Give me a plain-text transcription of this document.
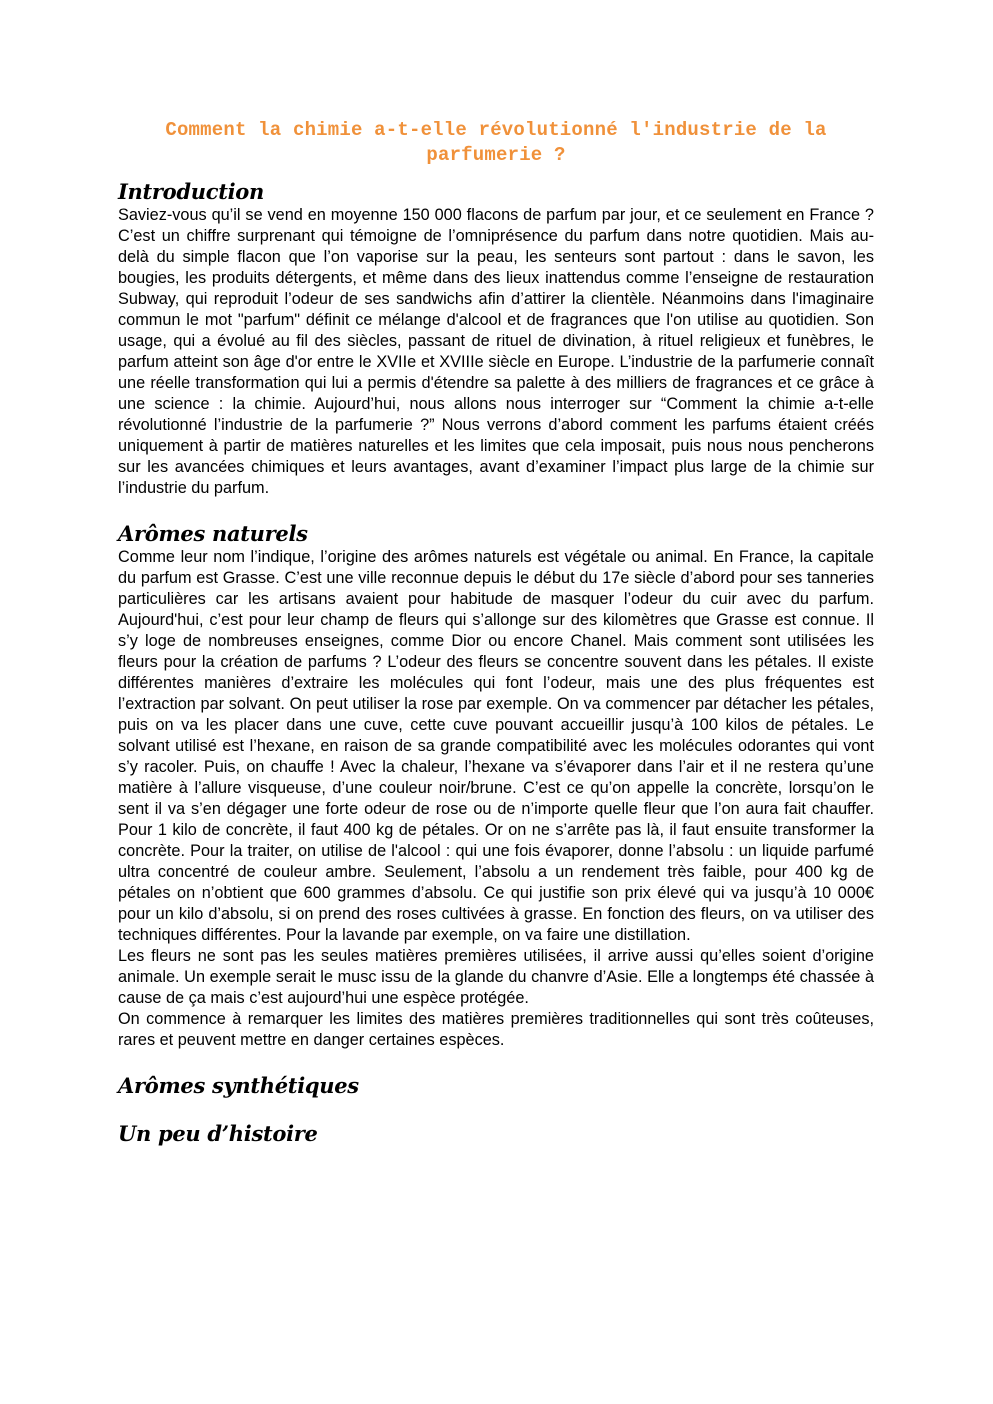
Comment la chimie a-t-elle révolutionné l'industrie de la parfumerie ?
Introduction

Saviez-vous qu’il se vend en moyenne 150 000 flacons de parfum par jour, et ce seulement en France ? C’est un chiffre surprenant qui témoigne de l’omniprésence du parfum dans notre quotidien. Mais au-delà du simple flacon que l’on vaporise sur la peau, les senteurs sont partout : dans le savon, les bougies, les produits détergents, et même dans des lieux inattendus comme l’enseigne de restauration Subway, qui reproduit l’odeur de ses sandwichs afin d’attirer la clientèle. Néanmoins dans l'imaginaire commun le mot "parfum" définit ce mélange d'alcool et de fragrances que l'on utilise au quotidien. Son usage, qui a évolué au fil des siècles, passant de rituel de divination, à rituel religieux et funèbres, le parfum atteint son âge d'or entre le XVIIe et XVIIIe siècle en Europe. L’industrie de la parfumerie connaît une réelle transformation qui lui a permis d'étendre sa palette à des milliers de fragrances et ce grâce à une science : la chimie. Aujourd’hui, nous allons nous interroger sur “Comment la chimie a-t-elle révolutionné l’industrie de la parfumerie ?” Nous verrons d’abord comment les parfums étaient créés uniquement à partir de matières naturelles et les limites que cela imposait, puis nous nous pencherons sur les avancées chimiques et leurs avantages, avant d’examiner l’impact plus large de la chimie sur l’industrie du parfum.

Arômes naturels

Comme leur nom l’indique, l’origine des arômes naturels est végétale ou animal. En France, la capitale du parfum est Grasse. C’est une ville reconnue depuis le début du 17e siècle d’abord pour ses tanneries particulières car les artisans avaient pour habitude de masquer l’odeur du cuir avec du parfum. Aujourd'hui, c’est pour leur champ de fleurs qui s’allonge sur des kilomètres que Grasse est connue. Il s’y loge de nombreuses enseignes, comme Dior ou encore Chanel. Mais comment sont utilisées les fleurs pour la création de parfums ? L’odeur des fleurs se concentre souvent dans les pétales. Il existe différentes manières d’extraire les molécules qui font l’odeur, mais une des plus fréquentes est l’extraction par solvant. On peut utiliser la rose par exemple. On va commencer par détacher les pétales, puis on va les placer dans une cuve, cette cuve pouvant accueillir jusqu’à 100 kilos de pétales. Le solvant utilisé est l’hexane, en raison de sa grande compatibilité avec les molécules odorantes qui vont s’y racoler. Puis, on chauffe ! Avec la chaleur, l’hexane va s’évaporer dans l’air et il ne restera qu’une matière à l’allure visqueuse, d’une couleur noir/brune. C’est ce qu’on appelle la concrète, lorsqu’on le sent il va s’en dégager une forte odeur de rose ou de n’importe quelle fleur que l’on aura fait chauffer. Pour 1 kilo de concrète, il faut 400 kg de pétales. Or on ne s’arrête pas là, il faut ensuite transformer la concrète. Pour la traiter, on utilise de l'alcool : qui une fois évaporer, donne l’absolu : un liquide parfumé ultra concentré de couleur ambre. Seulement, l’absolu a un rendement très faible, pour 400 kg de pétales on n’obtient que 600 grammes d’absolu. Ce qui justifie son prix élevé qui va jusqu’à 10 000€ pour un kilo d’absolu, si on prend des roses cultivées à grasse. En fonction des fleurs, on va utiliser des techniques différentes. Pour la lavande par exemple, on va faire une distillation.

Les fleurs ne sont pas les seules matières premières utilisées, il arrive aussi qu’elles soient d’origine animale. Un exemple serait le musc issu de la glande du chanvre d’Asie. Elle a longtemps été chassée à cause de ça mais c’est aujourd’hui une espèce protégée.

On commence à remarquer les limites des matières premières traditionnelles qui sont très coûteuses, rares et peuvent mettre en danger certaines espèces.

Arômes synthétiques
Un peu d’histoire
